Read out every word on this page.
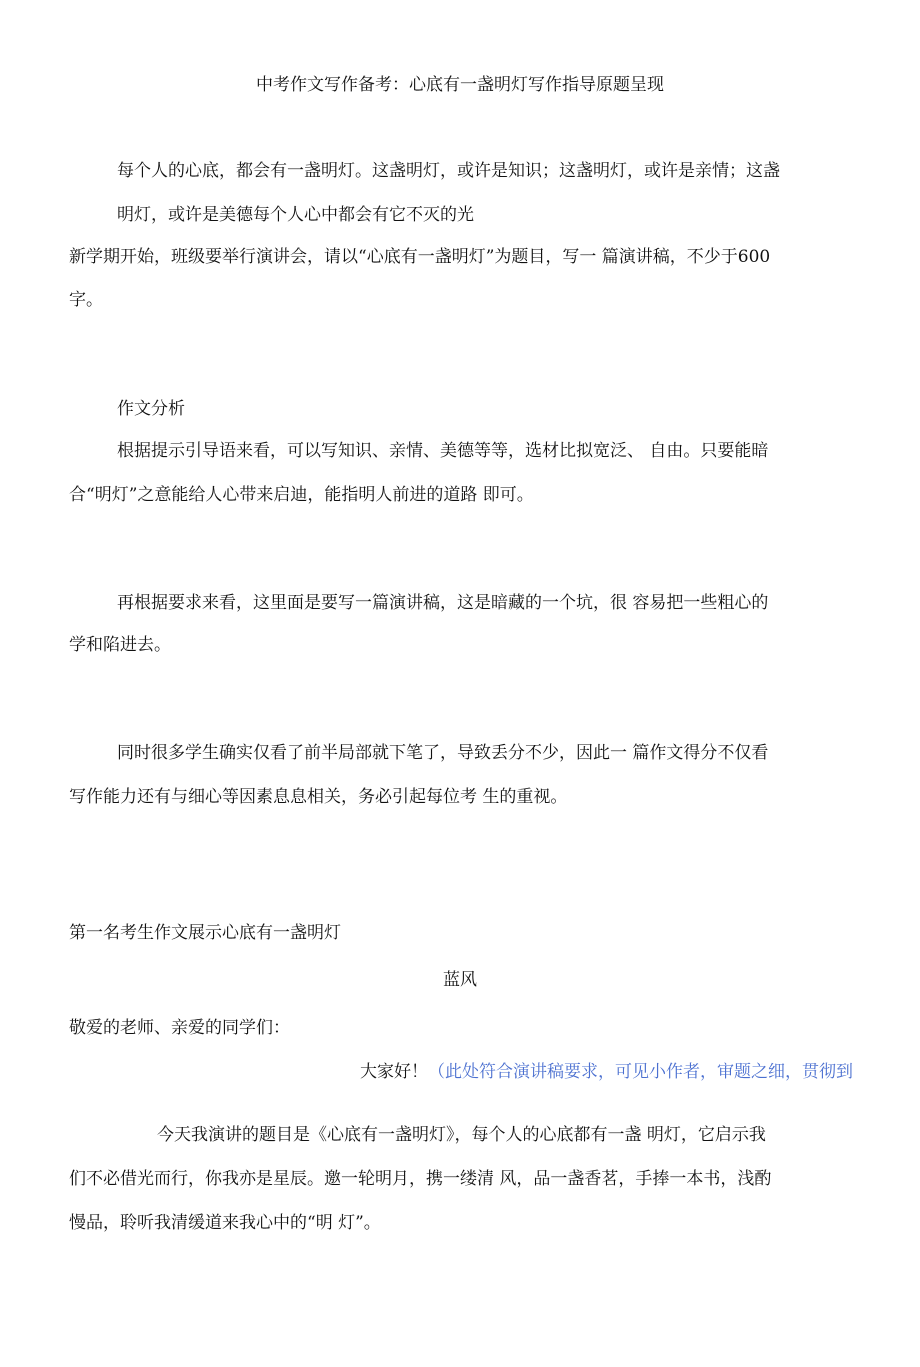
中考作文写作备考：心底有一盏明灯写作指导原题呈现
每个人的心底，都会有一盏明灯。这盏明灯，或许是知识；这盏明灯，或许是亲情；这盏
明灯，或许是美德每个人心中都会有它不灭的光
新学期开始，班级要举行演讲会，请以“心底有一盏明灯”为题目，写一 篇演讲稿，不少于600
字。
作文分析
根据提示引导语来看，可以写知识、亲情、美德等等，选材比拟宽泛、 自由。只要能暗
合“明灯”之意能给人心带来启迪，能指明人前进的道路 即可。
再根据要求来看，这里面是要写一篇演讲稿，这是暗藏的一个坑，很 容易把一些粗心的
学和陷进去。
同时很多学生确实仅看了前半局部就下笔了，导致丢分不少，因此一 篇作文得分不仅看
写作能力还有与细心等因素息息相关，务必引起每位考 生的重视。
第一名考生作文展示心底有一盏明灯
蓝风
敬爱的老师、亲爱的同学们：
大家好！（此处符合演讲稿要求，可见小作者，审题之细，贯彻到
今天我演讲的题目是《心底有一盏明灯》，每个人的心底都有一盏 明灯，它启示我
们不必借光而行，你我亦是星辰。邀一轮明月，携一缕清 风，品一盏香茗，手捧一本书，浅酌
慢品，聆听我清缓道来我心中的“明 灯”。
